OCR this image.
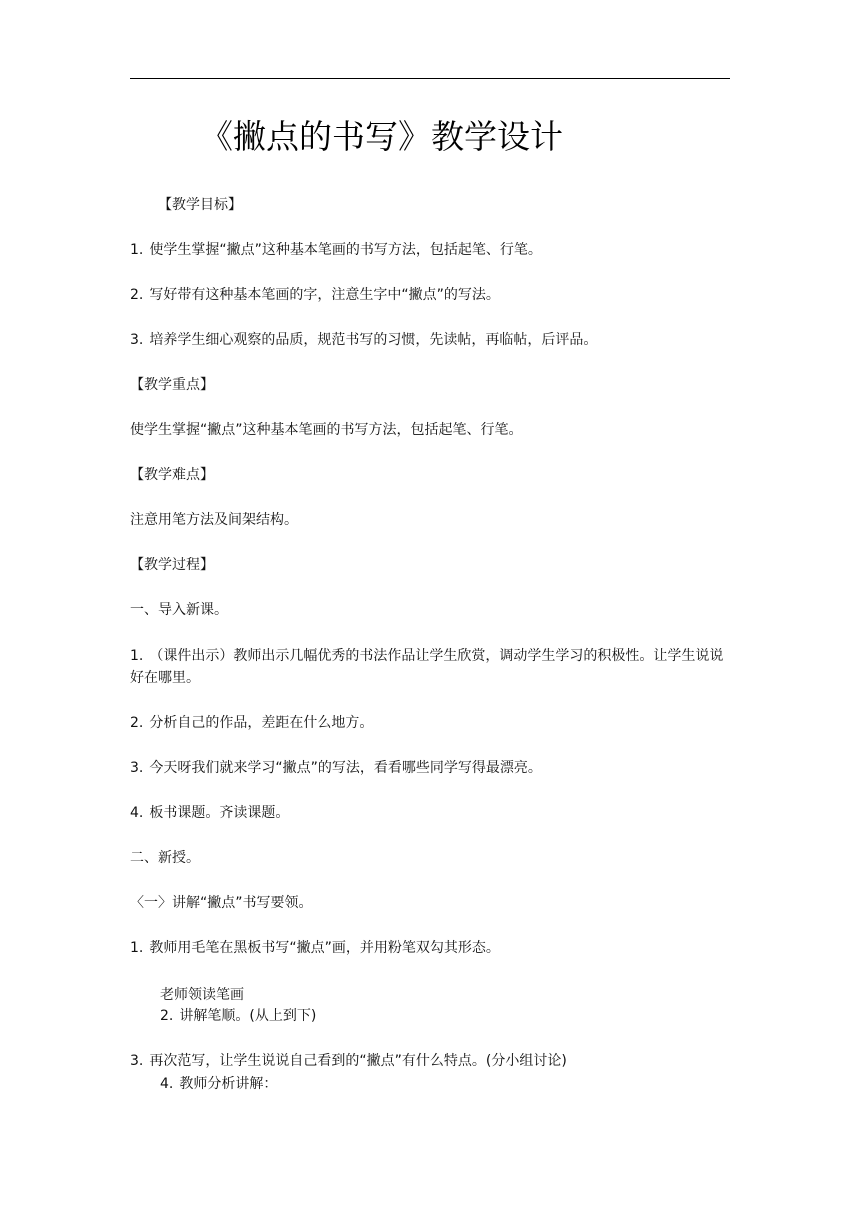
《撇点的书写》教学设计
【教学目标】
1. 使学生掌握“撇点”这种基本笔画的书写方法，包括起笔、行笔。
2. 写好带有这种基本笔画的字，注意生字中“撇点”的写法。
3. 培养学生细心观察的品质，规范书写的习惯，先读帖，再临帖，后评品。
【教学重点】
使学生掌握“撇点”这种基本笔画的书写方法，包括起笔、行笔。
【教学难点】
注意用笔方法及间架结构。
【教学过程】
一、导入新课。
1. （课件出示）教师出示几幅优秀的书法作品让学生欣赏，调动学生学习的积极性。让学生说说好在哪里。
2. 分析自己的作品，差距在什么地方。
3. 今天呀我们就来学习“撇点”的写法，看看哪些同学写得最漂亮。
4. 板书课题。齐读课题。
二、新授。
〈一〉讲解“撇点”书写要领。
1. 教师用毛笔在黑板书写“撇点”画，并用粉笔双勾其形态。
老师领读笔画
2. 讲解笔顺。(从上到下)
3. 再次范写，让学生说说自己看到的“撇点”有什么特点。(分小组讨论)
4. 教师分析讲解：
